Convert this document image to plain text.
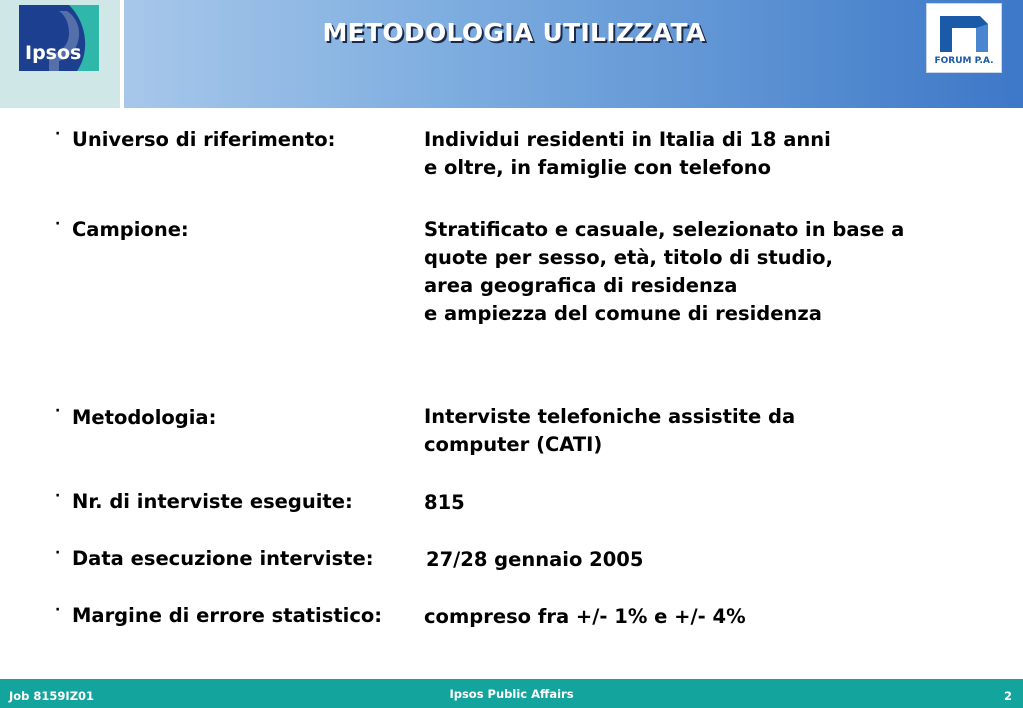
Ipsos
METODOLOGIA UTILIZZATA
FORUM P.A.
· Universo di riferimento:	Individui residenti in Italia di 18 anni
e oltre, in famiglie con telefono
· Campione:	Stratificato e casuale, selezionato in base a
quote per sesso, età, titolo di studio,
area geografica di residenza
e ampiezza del comune di residenza
· Metodologia:	Interviste telefoniche assistite da
computer (CATI)
· Nr. di interviste eseguite:	815
· Data esecuzione interviste:	27/28 gennaio 2005
· Margine di errore statistico: compreso fra +/- 1% e +/- 4%
Job 8159IZ01	Ipsos Public Affairs	2
